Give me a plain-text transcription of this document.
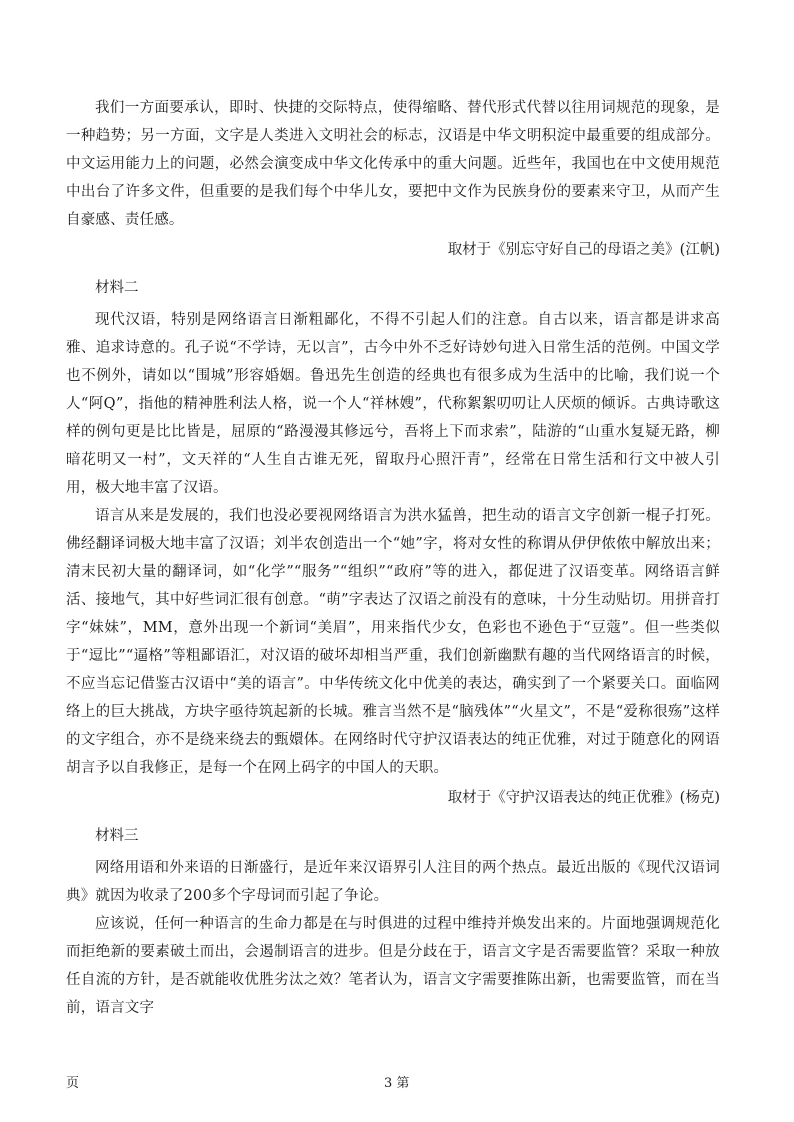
我们一方面要承认，即时、快捷的交际特点，使得缩略、替代形式代替以往用词规范的现象，是一种趋势；另一方面，文字是人类进入文明社会的标志，汉语是中华文明积淀中最重要的组成部分。中文运用能力上的问题，必然会演变成中华文化传承中的重大问题。近些年，我国也在中文使用规范中出台了许多文件，但重要的是我们每个中华儿女，要把中文作为民族身份的要素来守卫，从而产生自豪感、责任感。

取材于《别忘守好自己的母语之美》(江帆)

材料二

现代汉语，特别是网络语言日渐粗鄙化，不得不引起人们的注意。自古以来，语言都是讲求高雅、追求诗意的。孔子说“不学诗，无以言”，古今中外不乏好诗妙句进入日常生活的范例。中国文学也不例外，请如以“围城”形容婚姻。鲁迅先生创造的经典也有很多成为生活中的比喻，我们说一个人“阿Q”，指他的精神胜利法人格，说一个人“祥林嫂”，代称絮絮叨叨让人厌烦的倾诉。古典诗歌这样的例句更是比比皆是，屈原的“路漫漫其修远兮，吾将上下而求索”，陆游的“山重水复疑无路，柳暗花明又一村”，文天祥的“人生自古谁无死，留取丹心照汗青”，经常在日常生活和行文中被人引用，极大地丰富了汉语。

语言从来是发展的，我们也没必要视网络语言为洪水猛兽，把生动的语言文字创新一棍子打死。佛经翻译词极大地丰富了汉语；刘半农创造出一个“她”字，将对女性的称谓从伊伊侬侬中解放出来；清末民初大量的翻译词，如“化学”“服务”“组织”“政府”等的进入，都促进了汉语变革。网络语言鲜活、接地气，其中好些词汇很有创意。“萌”字表达了汉语之前没有的意味，十分生动贴切。用拼音打字“妹妹”，MM，意外出现一个新词“美眉”，用来指代少女，色彩也不逊色于“豆蔻”。但一些类似于“逗比”“逼格”等粗鄙语汇，对汉语的破坏却相当严重，我们创新幽默有趣的当代网络语言的时候，不应当忘记借鉴古汉语中“美的语言”。中华传统文化中优美的表达，确实到了一个紧要关口。面临网络上的巨大挑战，方块字亟待筑起新的长城。雅言当然不是“脑残体”“火星文”，不是“爱称很殇”这样的文字组合，亦不是绕来绕去的甄嬛体。在网络时代守护汉语表达的纯正优雅，对过于随意化的网语胡言予以自我修正，是每一个在网上码字的中国人的天职。

取材于《守护汉语表达的纯正优雅》(杨克)

材料三

网络用语和外来语的日渐盛行，是近年来汉语界引人注目的两个热点。最近出版的《现代汉语词典》就因为收录了200多个字母词而引起了争论。

应该说，任何一种语言的生命力都是在与时俱进的过程中维持并焕发出来的。片面地强调规范化而拒绝新的要素破土而出，会遏制语言的进步。但是分歧在于，语言文字是否需要监管？采取一种放任自流的方针，是否就能收优胜劣汰之效？笔者认为，语言文字需要推陈出新，也需要监管，而在当前，语言文字

页	3 第
